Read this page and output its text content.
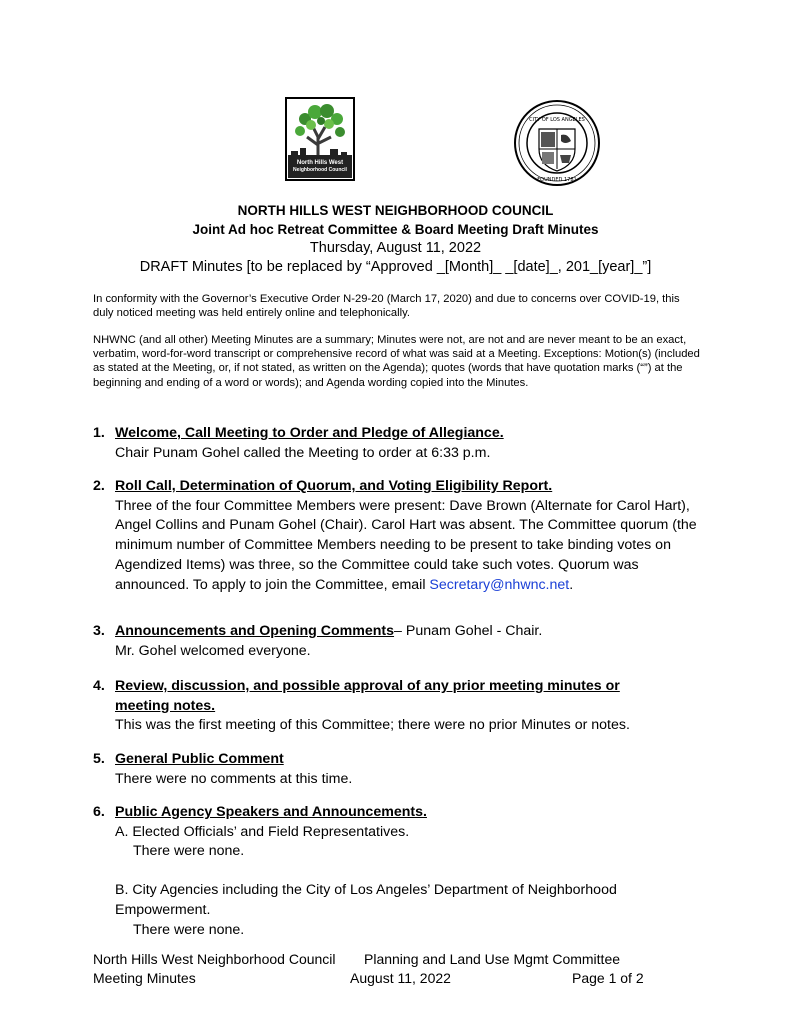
North Hills West
Neighborhood Council
CITY OF LOS ANGELES
FOUNDED 1781
NORTH HILLS WEST NEIGHBORHOOD COUNCIL
Joint Ad hoc Retreat Committee & Board Meeting Draft Minutes
Thursday, August 11, 2022
DRAFT Minutes [to be replaced by “Approved _[Month]_ _[date]_, 201_[year]_”]
In conformity with the Governor’s Executive Order N-29-20 (March 17, 2020) and due to concerns over COVID-19, this duly noticed meeting was held entirely online and telephonically.
NHWNC (and all other) Meeting Minutes are a summary; Minutes were not, are not and are never meant to be an exact, verbatim, word-for-word transcript or comprehensive record of what was said at a Meeting. Exceptions: Motion(s) (included as stated at the Meeting, or, if not stated, as written on the Agenda); quotes (words that have quotation marks (“”) at the beginning and ending of a word or words); and Agenda wording copied into the Minutes.
1. Welcome, Call Meeting to Order and Pledge of Allegiance.
Chair Punam Gohel called the Meeting to order at 6:33 p.m.
2. Roll Call, Determination of Quorum, and Voting Eligibility Report.
Three of the four Committee Members were present: Dave Brown (Alternate for Carol Hart), Angel Collins and Punam Gohel (Chair). Carol Hart was absent. The Committee quorum (the minimum number of Committee Members needing to be present to take binding votes on Agendized Items) was three, so the Committee could take such votes. Quorum was announced. To apply to join the Committee, email Secretary@nhwnc.net.
3. Announcements and Opening Comments– Punam Gohel - Chair.
Mr. Gohel welcomed everyone.
4. Review, discussion, and possible approval of any prior meeting minutes or meeting notes.
This was the first meeting of this Committee; there were no prior Minutes or notes.
5. General Public Comment
There were no comments at this time.
6. Public Agency Speakers and Announcements.
A. Elected Officials’ and Field Representatives.
There were none.
B. City Agencies including the City of Los Angeles’ Department of Neighborhood Empowerment.
There were none.
North Hills West Neighborhood Council Planning and Land Use Mgmt Committee
Meeting Minutes	August 11, 2022	Page 1 of 2
